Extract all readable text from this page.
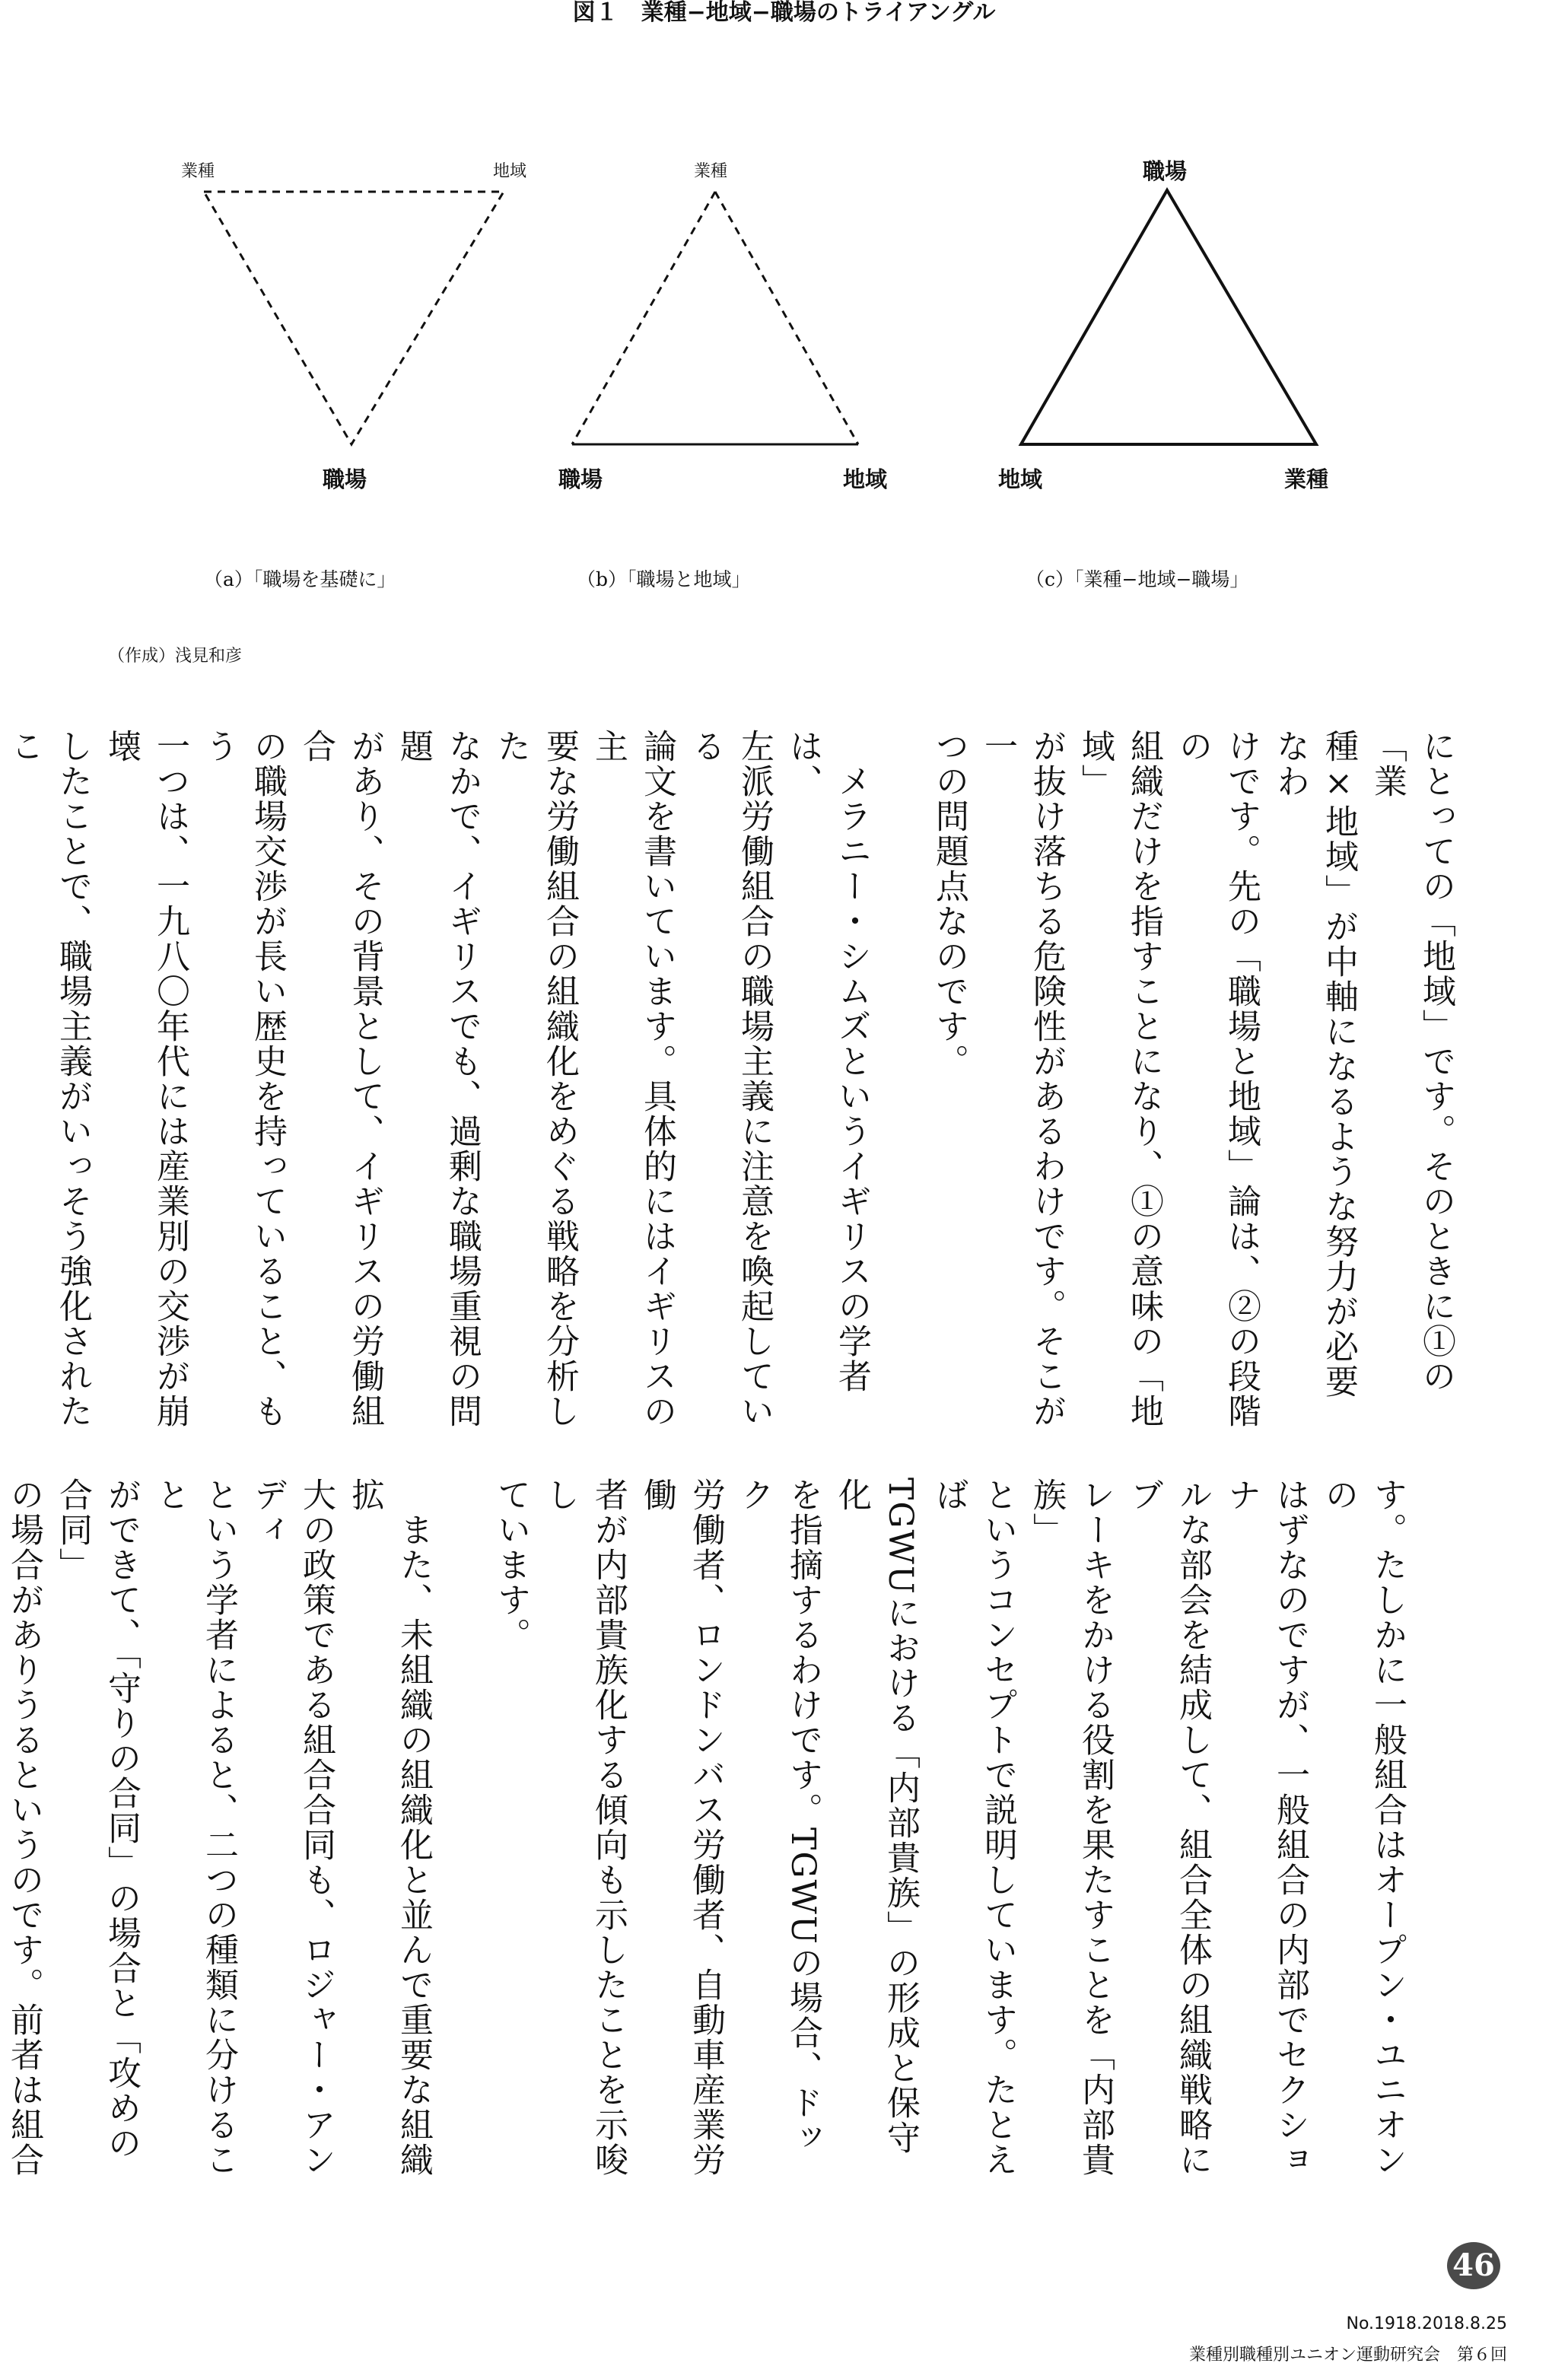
図１　業種−地域−職場のトライアングル
業種	地域
職場
業種
職場	地域
職場
地域	業種
（a）「職場を基礎に」	（b）「職場と地域」	（c）「業種−地域−職場」
（作成）浅見和彦

にとっての「地域」です。そのときに①の「業
種×地域」が中軸になるような努力が必要なわ
けです。先の「職場と地域」論は、②の段階の
組織だけを指すことになり、①の意味の「地域」
が抜け落ちる危険性があるわけです。そこが一
つの問題点なのです。

　メラニー・シムズというイギリスの学者は、
左派労働組合の職場主義に注意を喚起している
論文を書いています。具体的にはイギリスの主
要な労働組合の組織化をめぐる戦略を分析した
なかで、イギリスでも、過剰な職場重視の問題
があり、その背景として、イギリスの労働組合
の職場交渉が長い歴史を持っていること、もう
一つは、一九八〇年代には産業別の交渉が崩壊
したことで、職場主義がいっそう強化されたこ

す。たしかに一般組合はオープン・ユニオンの
はずなのですが、一般組合の内部でセクショナ
ルな部会を結成して、組合全体の組織戦略にブ
レーキをかける役割を果たすことを「内部貴族」
というコンセプトで説明しています。たとえば
TGWUにおける「内部貴族」の形成と保守化
を指摘するわけです。TGWUの場合、ドック
労働者、ロンドンバス労働者、自動車産業労働
者が内部貴族化する傾向も示したことを示唆し
ています。

　また、未組織の組織化と並んで重要な組織拡
大の政策である組合合同も、ロジャー・アンディ
という学者によると、二つの種類に分けること
ができて、「守りの合同」の場合と「攻めの合同」
の場合がありうるというのです。前者は組合

46
No.1918.2018.8.25
業種別職種別ユニオン運動研究会　第６回
